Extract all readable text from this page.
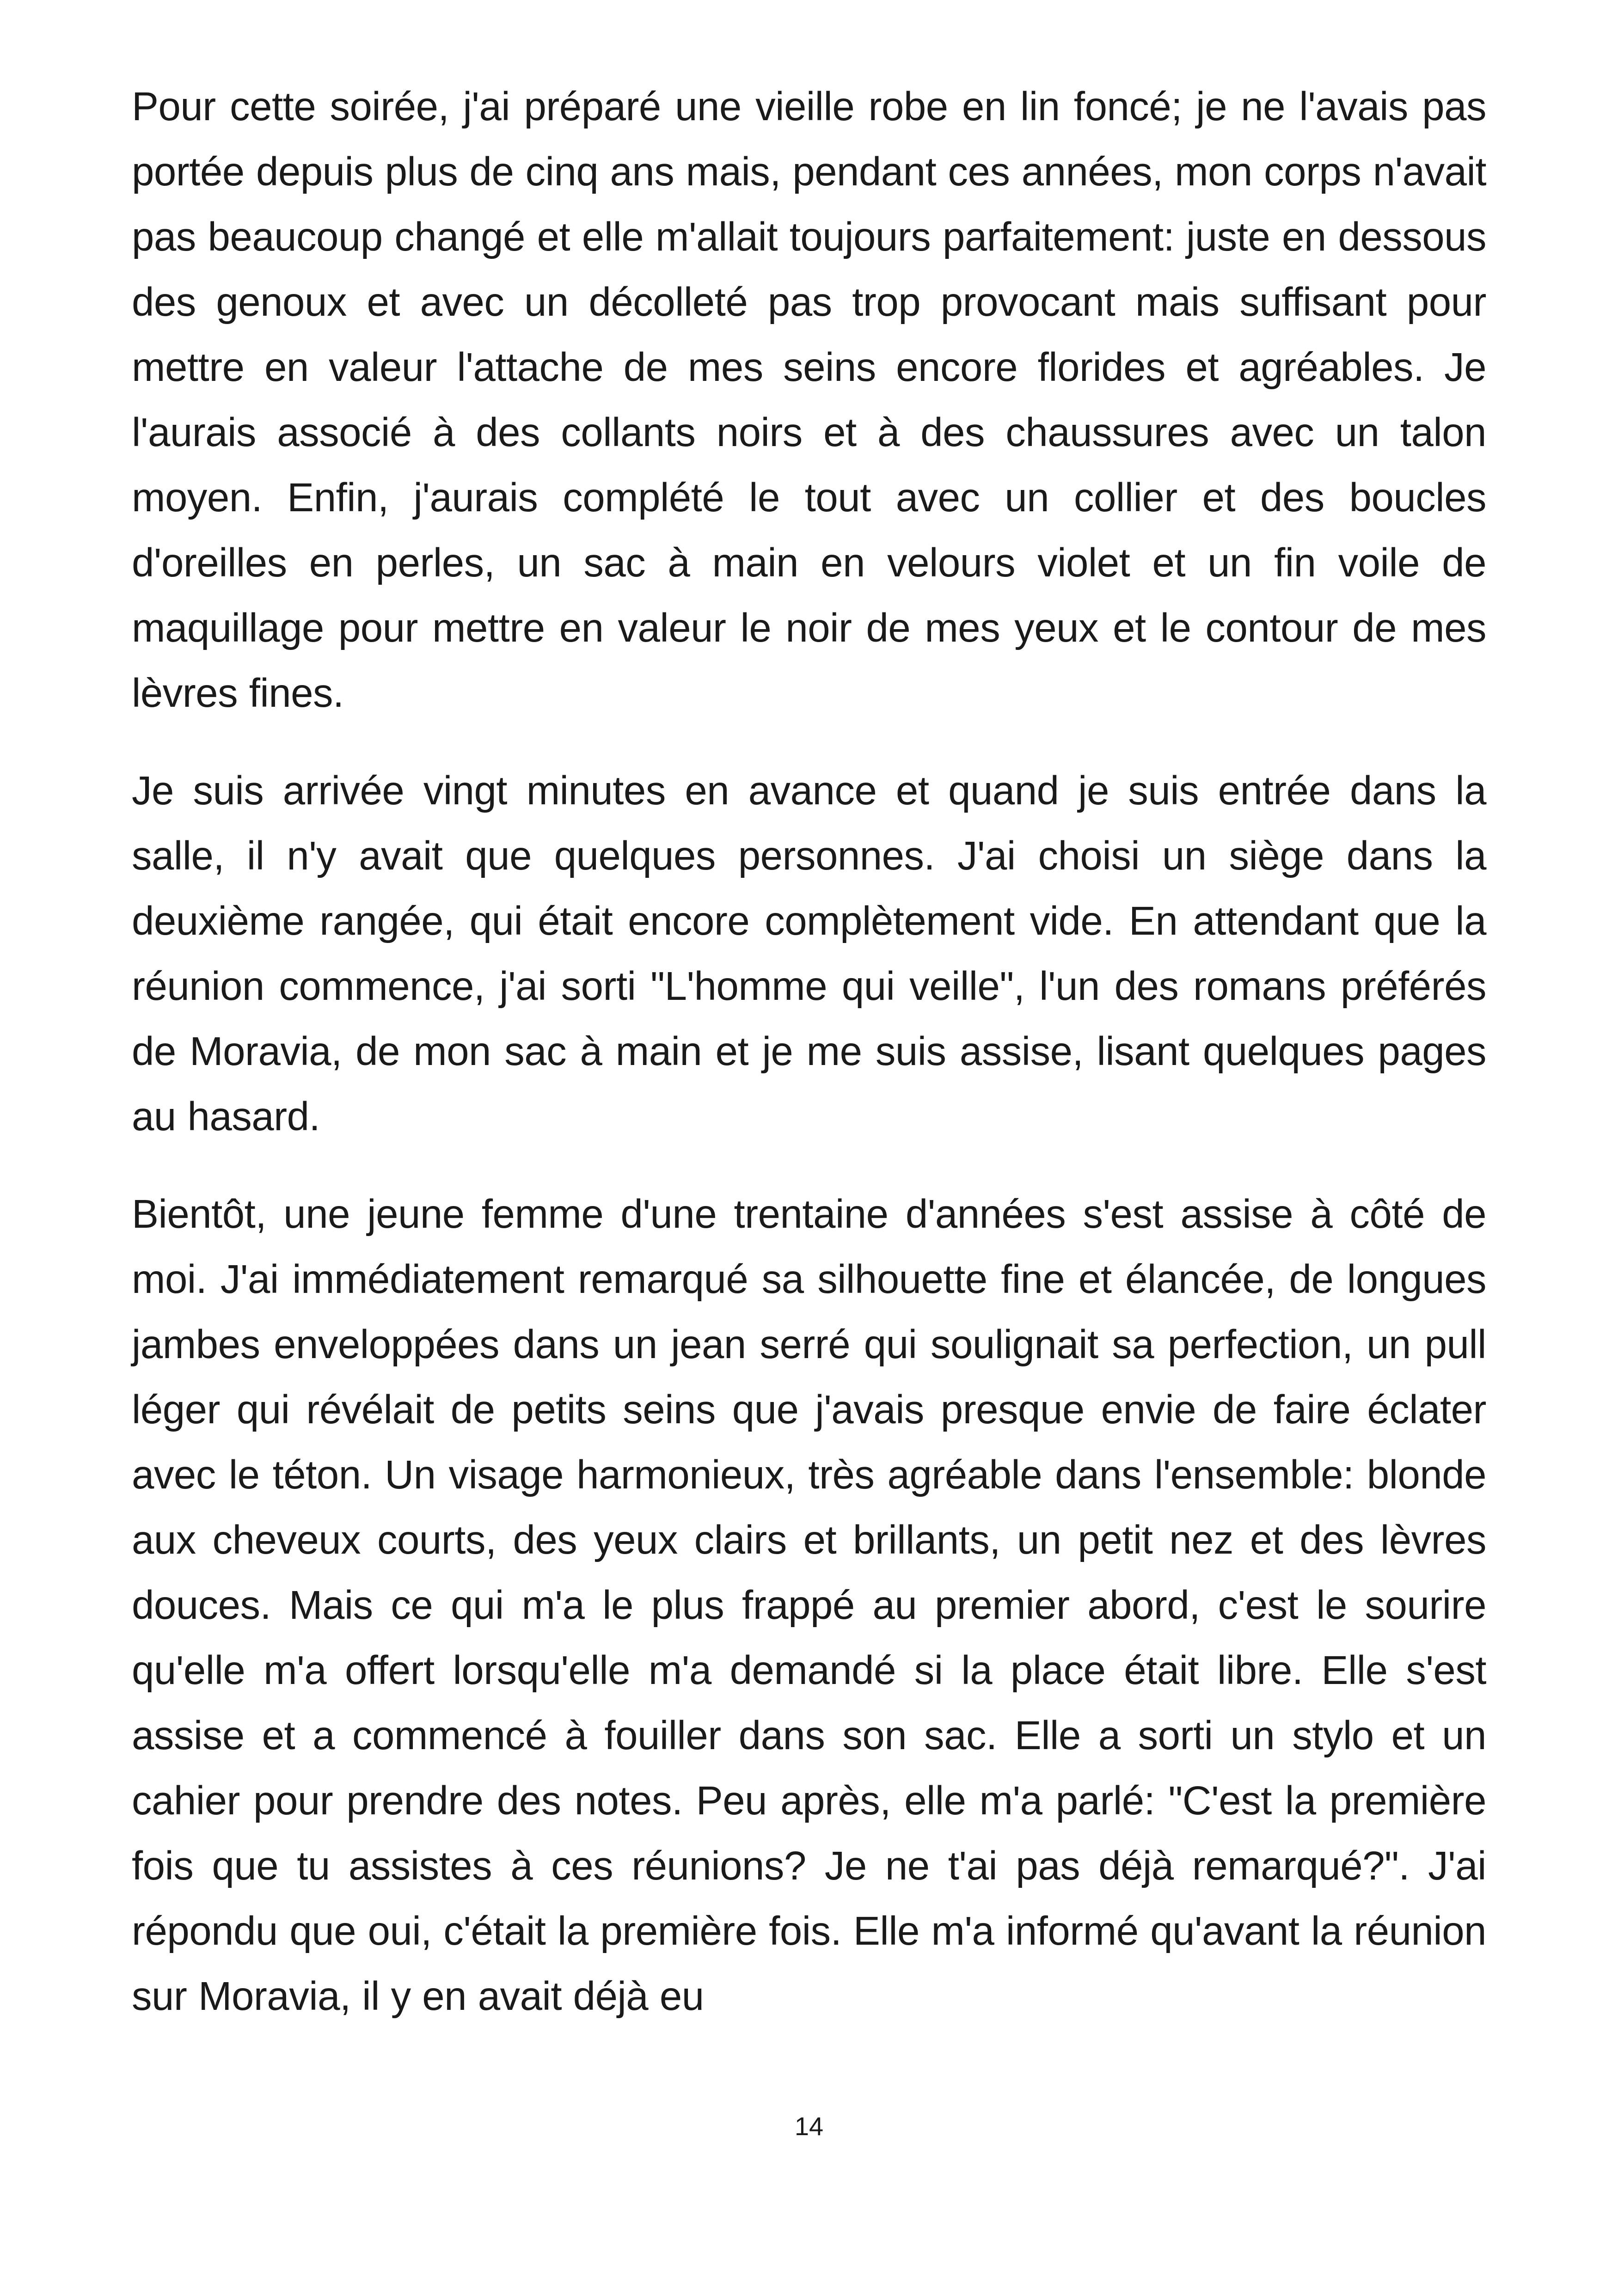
Pour cette soirée, j'ai préparé une vieille robe en lin foncé; je ne l'avais pas portée depuis plus de cinq ans mais, pendant ces années, mon corps n'avait pas beaucoup changé et elle m'allait toujours parfaitement: juste en dessous des genoux et avec un décolleté pas trop provocant mais suffisant pour mettre en valeur l'attache de mes seins encore florides et agréables. Je l'aurais associé à des collants noirs et à des chaussures avec un talon moyen. Enfin, j'aurais complété le tout avec un collier et des boucles d'oreilles en perles, un sac à main en velours violet et un fin voile de maquillage pour mettre en valeur le noir de mes yeux et le contour de mes lèvres fines.

Je suis arrivée vingt minutes en avance et quand je suis entrée dans la salle, il n'y avait que quelques personnes. J'ai choisi un siège dans la deuxième rangée, qui était encore complètement vide. En attendant que la réunion commence, j'ai sorti "L'homme qui veille", l'un des romans préférés de Moravia, de mon sac à main et je me suis assise, lisant quelques pages au hasard.

Bientôt, une jeune femme d'une trentaine d'années s'est assise à côté de moi. J'ai immédiatement remarqué sa silhouette fine et élancée, de longues jambes enveloppées dans un jean serré qui soulignait sa perfection, un pull léger qui révélait de petits seins que j'avais presque envie de faire éclater avec le téton. Un visage harmonieux, très agréable dans l'ensemble: blonde aux cheveux courts, des yeux clairs et brillants, un petit nez et des lèvres douces. Mais ce qui m'a le plus frappé au premier abord, c'est le sourire qu'elle m'a offert lorsqu'elle m'a demandé si la place était libre. Elle s'est assise et a commencé à fouiller dans son sac. Elle a sorti un stylo et un cahier pour prendre des notes. Peu après, elle m'a parlé: "C'est la première fois que tu assistes à ces réunions? Je ne t'ai pas déjà remarqué?". J'ai répondu que oui, c'était la première fois. Elle m'a informé qu'avant la réunion sur Moravia, il y en avait déjà eu

14
